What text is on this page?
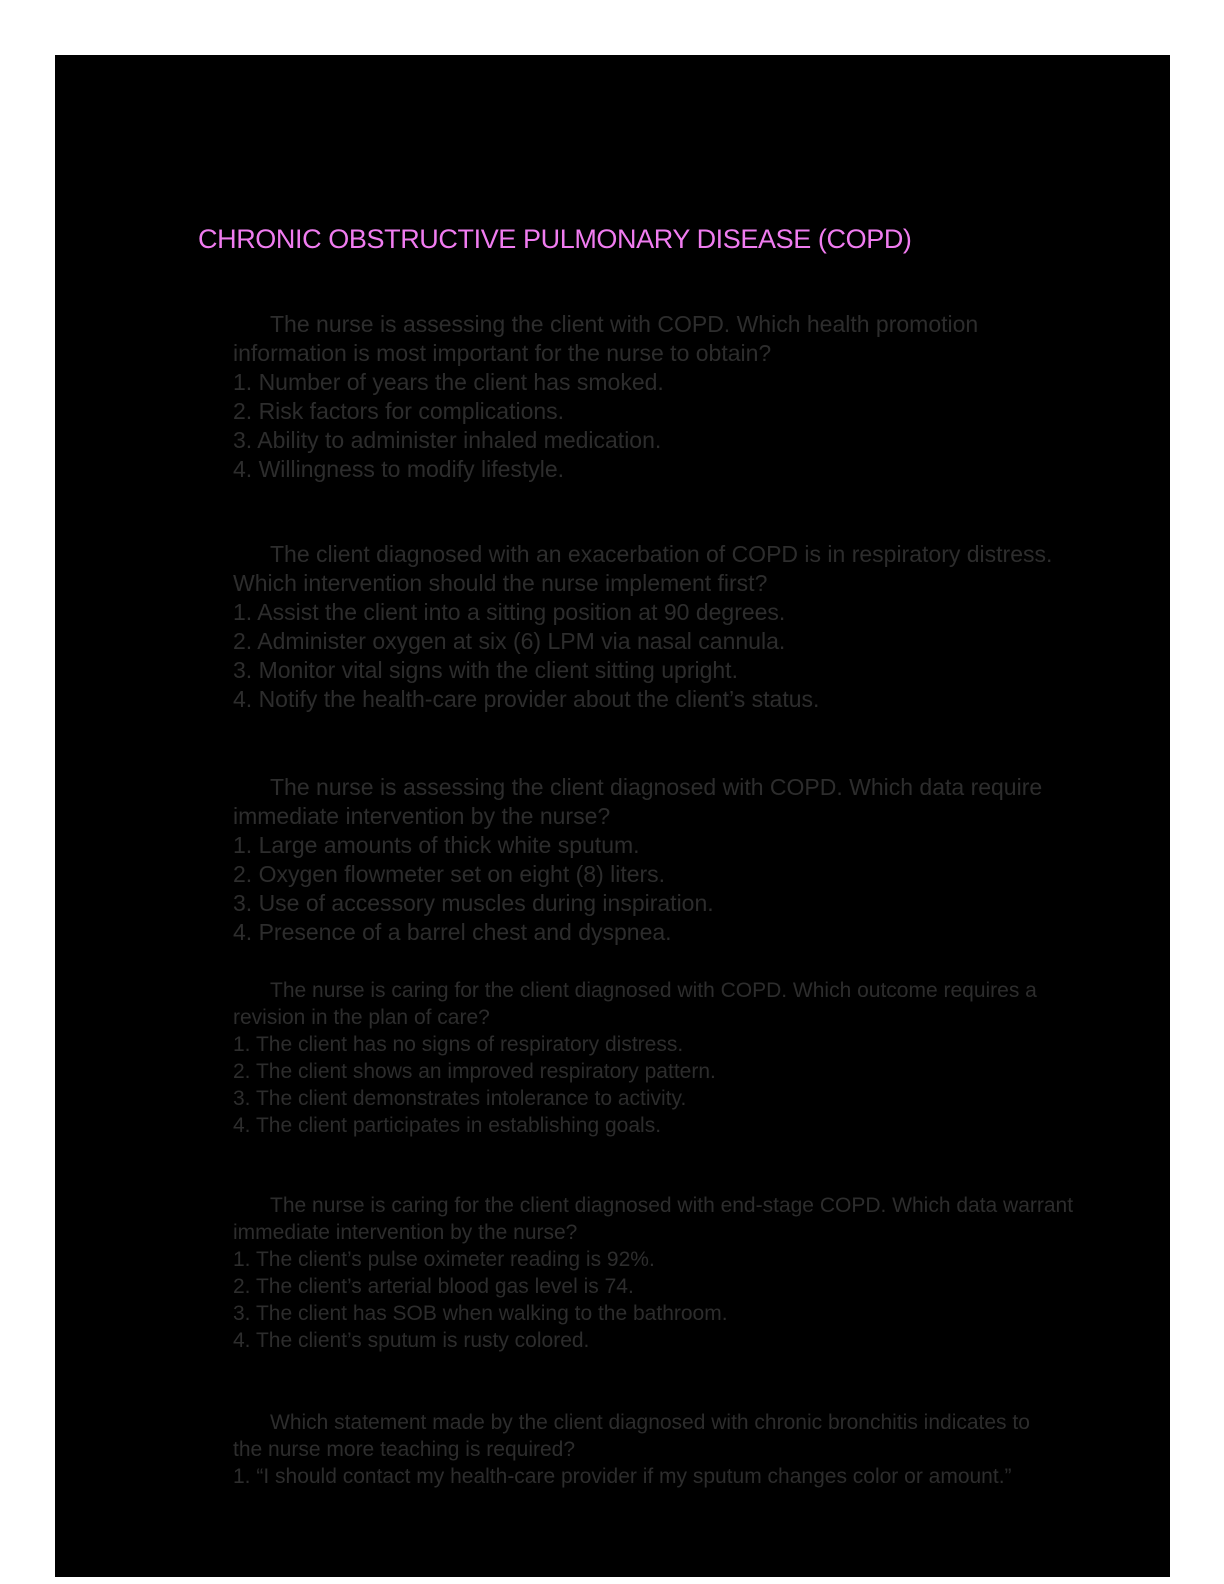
CHRONIC OBSTRUCTIVE PULMONARY DISEASE (COPD)
The nurse is assessing the client with COPD. Which health promotion
information is most important for the nurse to obtain?
1. Number of years the client has smoked.
2. Risk factors for complications.
3. Ability to administer inhaled medication.
4. Willingness to modify lifestyle.
The client diagnosed with an exacerbation of COPD is in respiratory distress.
Which intervention should the nurse implement first?
1. Assist the client into a sitting position at 90 degrees.
2. Administer oxygen at six (6) LPM via nasal cannula.
3. Monitor vital signs with the client sitting upright.
4. Notify the health-care provider about the client’s status.
The nurse is assessing the client diagnosed with COPD. Which data require
immediate intervention by the nurse?
1. Large amounts of thick white sputum.
2. Oxygen flowmeter set on eight (8) liters.
3. Use of accessory muscles during inspiration.
4. Presence of a barrel chest and dyspnea.
The nurse is caring for the client diagnosed with COPD. Which outcome requires a
revision in the plan of care?
1. The client has no signs of respiratory distress.
2. The client shows an improved respiratory pattern.
3. The client demonstrates intolerance to activity.
4. The client participates in establishing goals.
The nurse is caring for the client diagnosed with end-stage COPD. Which data warrant
immediate intervention by the nurse?
1. The client’s pulse oximeter reading is 92%.
2. The client’s arterial blood gas level is 74.
3. The client has SOB when walking to the bathroom.
4. The client’s sputum is rusty colored.
Which statement made by the client diagnosed with chronic bronchitis indicates to
the nurse more teaching is required?
1. “I should contact my health-care provider if my sputum changes color or amount.”
